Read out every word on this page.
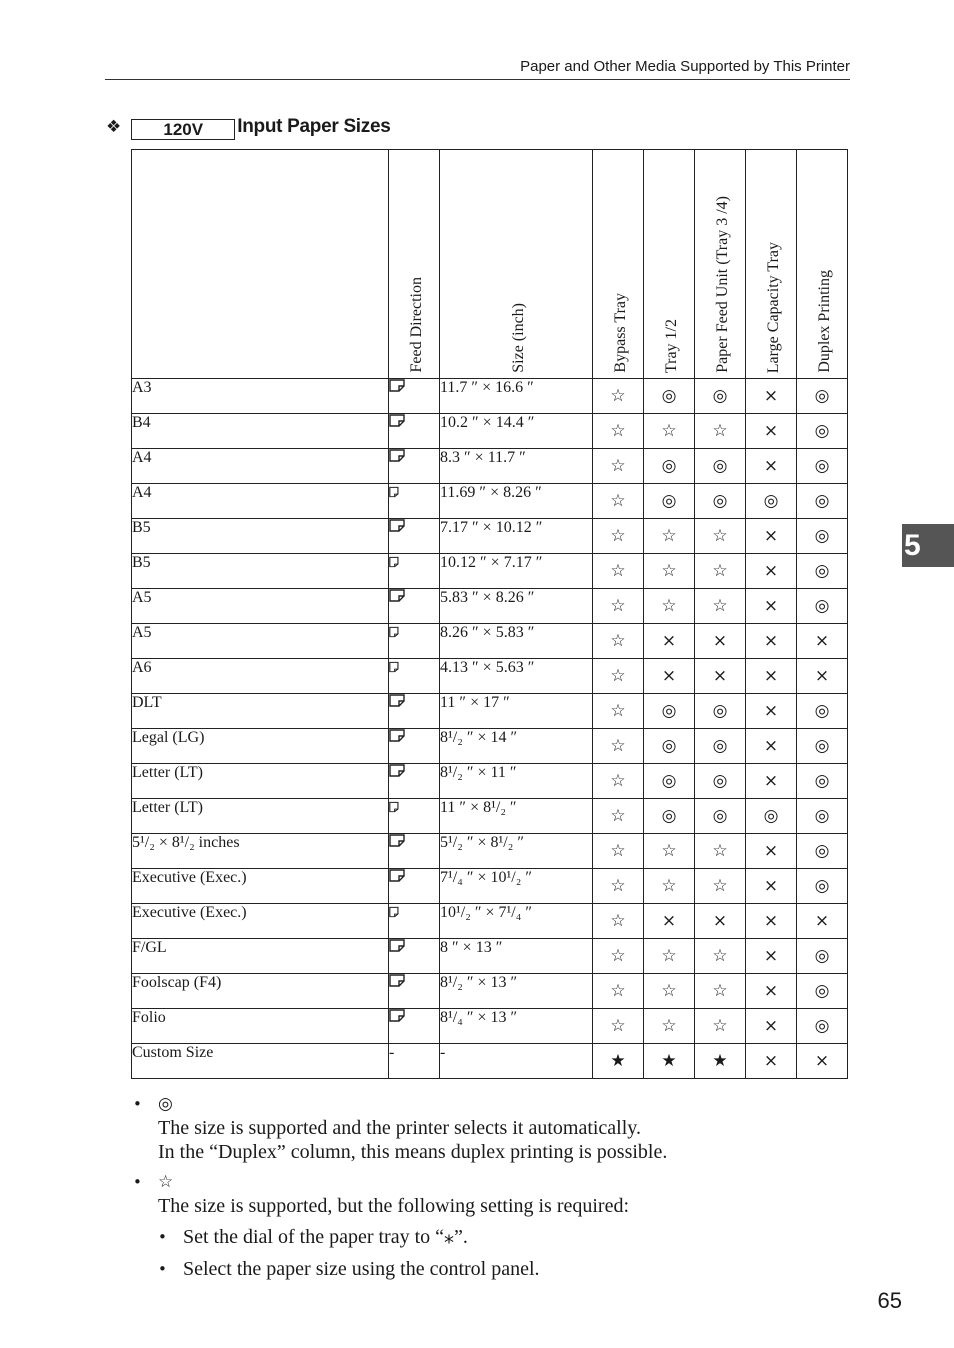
Paper and Other Media Supported by This Printer
❖	120V	Input Paper Sizes
	Feed Direction	Size (inch)	Bypass Tray	Tray 1/2	Paper Feed Unit (Tray 3 /4)	Large Capacity Tray	Duplex Printing
A3		11.7 ″ × 16.6 ″	☆	◎	◎	×	◎
B4		10.2 ″ × 14.4 ″	☆	☆	☆	×	◎
A4		8.3 ″ × 11.7 ″	☆	◎	◎	×	◎
A4		11.69 ″ × 8.26 ″	☆	◎	◎	◎	◎
B5		7.17 ″ × 10.12 ″	☆	☆	☆	×	◎
B5		10.12 ″ × 7.17 ″	☆	☆	☆	×	◎
A5		5.83 ″ × 8.26 ″	☆	☆	☆	×	◎
A5		8.26 ″ × 5.83 ″	☆	×	×	×	×
A6		4.13 ″ × 5.63 ″	☆	×	×	×	×
DLT		11 ″ × 17 ″	☆	◎	◎	×	◎
Legal (LG)		8¹/₂ ″ × 14 ″	☆	◎	◎	×	◎
Letter (LT)		8¹/₂ ″ × 11 ″	☆	◎	◎	×	◎
Letter (LT)		11 ″ × 8¹/₂ ″	☆	◎	◎	◎	◎
5¹/₂ × 8¹/₂ inches		5¹/₂ ″ × 8¹/₂ ″	☆	☆	☆	×	◎
Executive (Exec.)		7¹/₄ ″ × 10¹/₂ ″	☆	☆	☆	×	◎
Executive (Exec.)		10¹/₂ ″ × 7¹/₄ ″	☆	×	×	×	×
F/GL		8 ″ × 13 ″	☆	☆	☆	×	◎
Foolscap (F4)		8¹/₂ ″ × 13 ″	☆	☆	☆	×	◎
Folio		8¹/₄ ″ × 13 ″	☆	☆	☆	×	◎
Custom Size	-	-	★	★	★	×	×
5
• ◎
The size is supported and the printer selects it automatically.
In the “Duplex” column, this means duplex printing is possible.
• ☆
The size is supported, but the following setting is required:
• Set the dial of the paper tray to “⁎”.
• Select the paper size using the control panel.
65
